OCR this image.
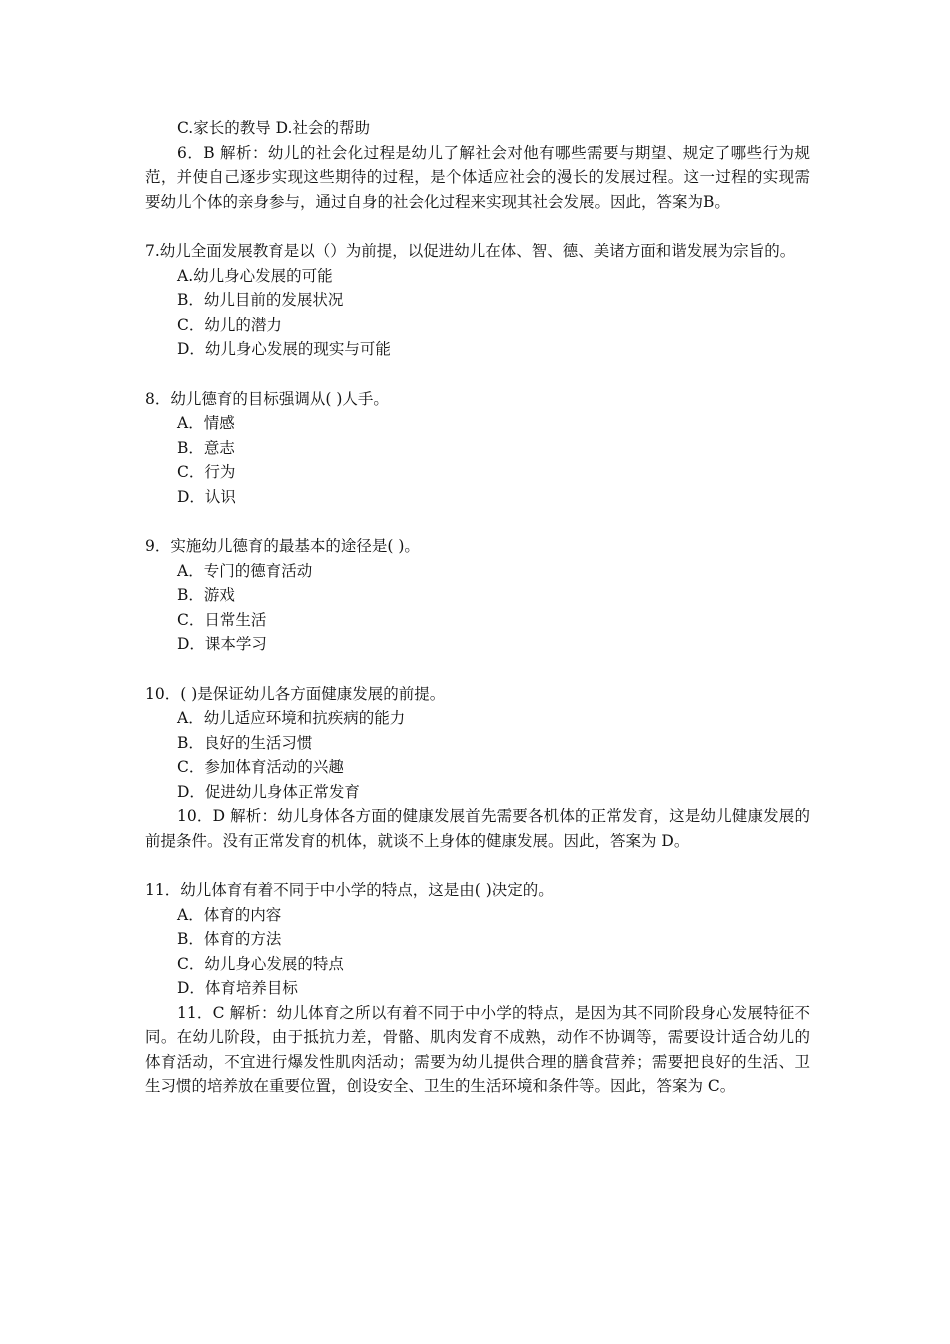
C.家长的教导 D.社会的帮助
6．B 解析：幼儿的社会化过程是幼儿了解社会对他有哪些需要与期望、规定了哪些行为规范，并使自己逐步实现这些期待的过程，是个体适应社会的漫长的发展过程。这一过程的实现需要幼儿个体的亲身参与，通过自身的社会化过程来实现其社会发展。因此，答案为B。
7.幼儿全面发展教育是以（）为前提，以促进幼儿在体、智、德、美诸方面和谐发展为宗旨的。
A.幼儿身心发展的可能
B．幼儿目前的发展状况
C．幼儿的潜力
D．幼儿身心发展的现实与可能
8．幼儿德育的目标强调从( )人手。
A．情感
B．意志
C．行为
D．认识
9．实施幼儿德育的最基本的途径是( )。
A．专门的德育活动
B．游戏
C．日常生活
D．课本学习
10．( )是保证幼儿各方面健康发展的前提。
A．幼儿适应环境和抗疾病的能力
B．良好的生活习惯
C．参加体育活动的兴趣
D．促进幼儿身体正常发育
10．D 解析：幼儿身体各方面的健康发展首先需要各机体的正常发育，这是幼儿健康发展的前提条件。没有正常发育的机体，就谈不上身体的健康发展。因此，答案为 D。
11．幼儿体育有着不同于中小学的特点，这是由( )决定的。
A．体育的内容
B．体育的方法
C．幼儿身心发展的特点
D．体育培养目标
11．C 解析：幼儿体育之所以有着不同于中小学的特点，是因为其不同阶段身心发展特征不同。在幼儿阶段，由于抵抗力差，骨骼、肌肉发育不成熟，动作不协调等，需要设计适合幼儿的体育活动，不宜进行爆发性肌肉活动；需要为幼儿提供合理的膳食营养；需要把良好的生活、卫生习惯的培养放在重要位置，创设安全、卫生的生活环境和条件等。因此，答案为 C。
